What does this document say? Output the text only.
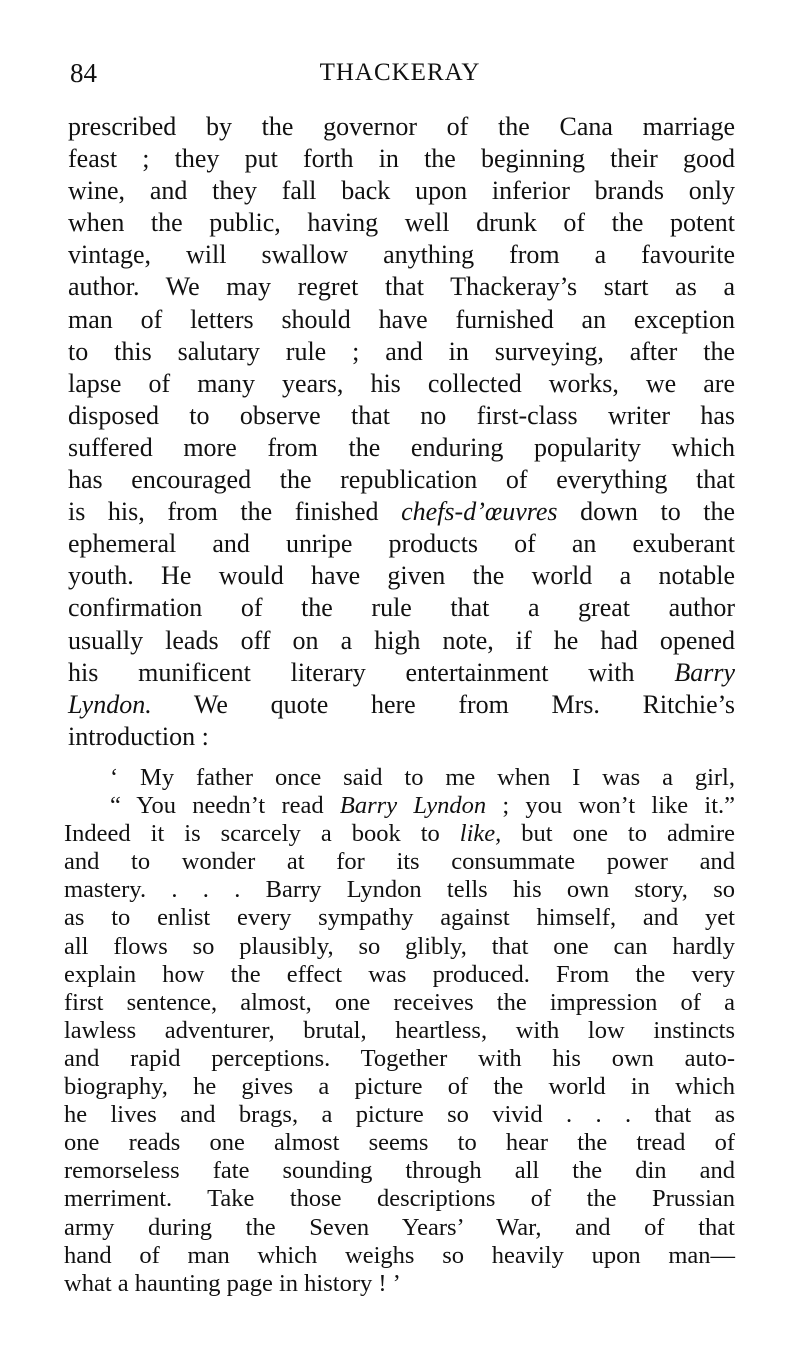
84	THACKERAY
prescribed by the governor of the Cana marriage
feast ; they put forth in the beginning their good
wine, and they fall back upon inferior brands only
when the public, having well drunk of the potent
vintage, will swallow anything from a favourite
author. We may regret that Thackeray’s start as a
man of letters should have furnished an exception
to this salutary rule ; and in surveying, after the
lapse of many years, his collected works, we are
disposed to observe that no first-class writer has
suffered more from the enduring popularity which
has encouraged the republication of everything that
is his, from the finished chefs-d’œuvres down to the
ephemeral and unripe products of an exuberant
youth. He would have given the world a notable
confirmation of the rule that a great author
usually leads off on a high note, if he had opened
his munificent literary entertainment with Barry
Lyndon. We quote here from Mrs. Ritchie’s
introduction :
‘ My father once said to me when I was a girl,
“ You needn’t read Barry Lyndon ; you won’t like it.”
Indeed it is scarcely a book to like, but one to admire
and to wonder at for its consummate power and
mastery. . . . Barry Lyndon tells his own story, so
as to enlist every sympathy against himself, and yet
all flows so plausibly, so glibly, that one can hardly
explain how the effect was produced. From the very
first sentence, almost, one receives the impression of a
lawless adventurer, brutal, heartless, with low instincts
and rapid perceptions. Together with his own auto-
biography, he gives a picture of the world in which
he lives and brags, a picture so vivid . . . that as
one reads one almost seems to hear the tread of
remorseless fate sounding through all the din and
merriment. Take those descriptions of the Prussian
army during the Seven Years’ War, and of that
hand of man which weighs so heavily upon man—
what a haunting page in history ! ’
